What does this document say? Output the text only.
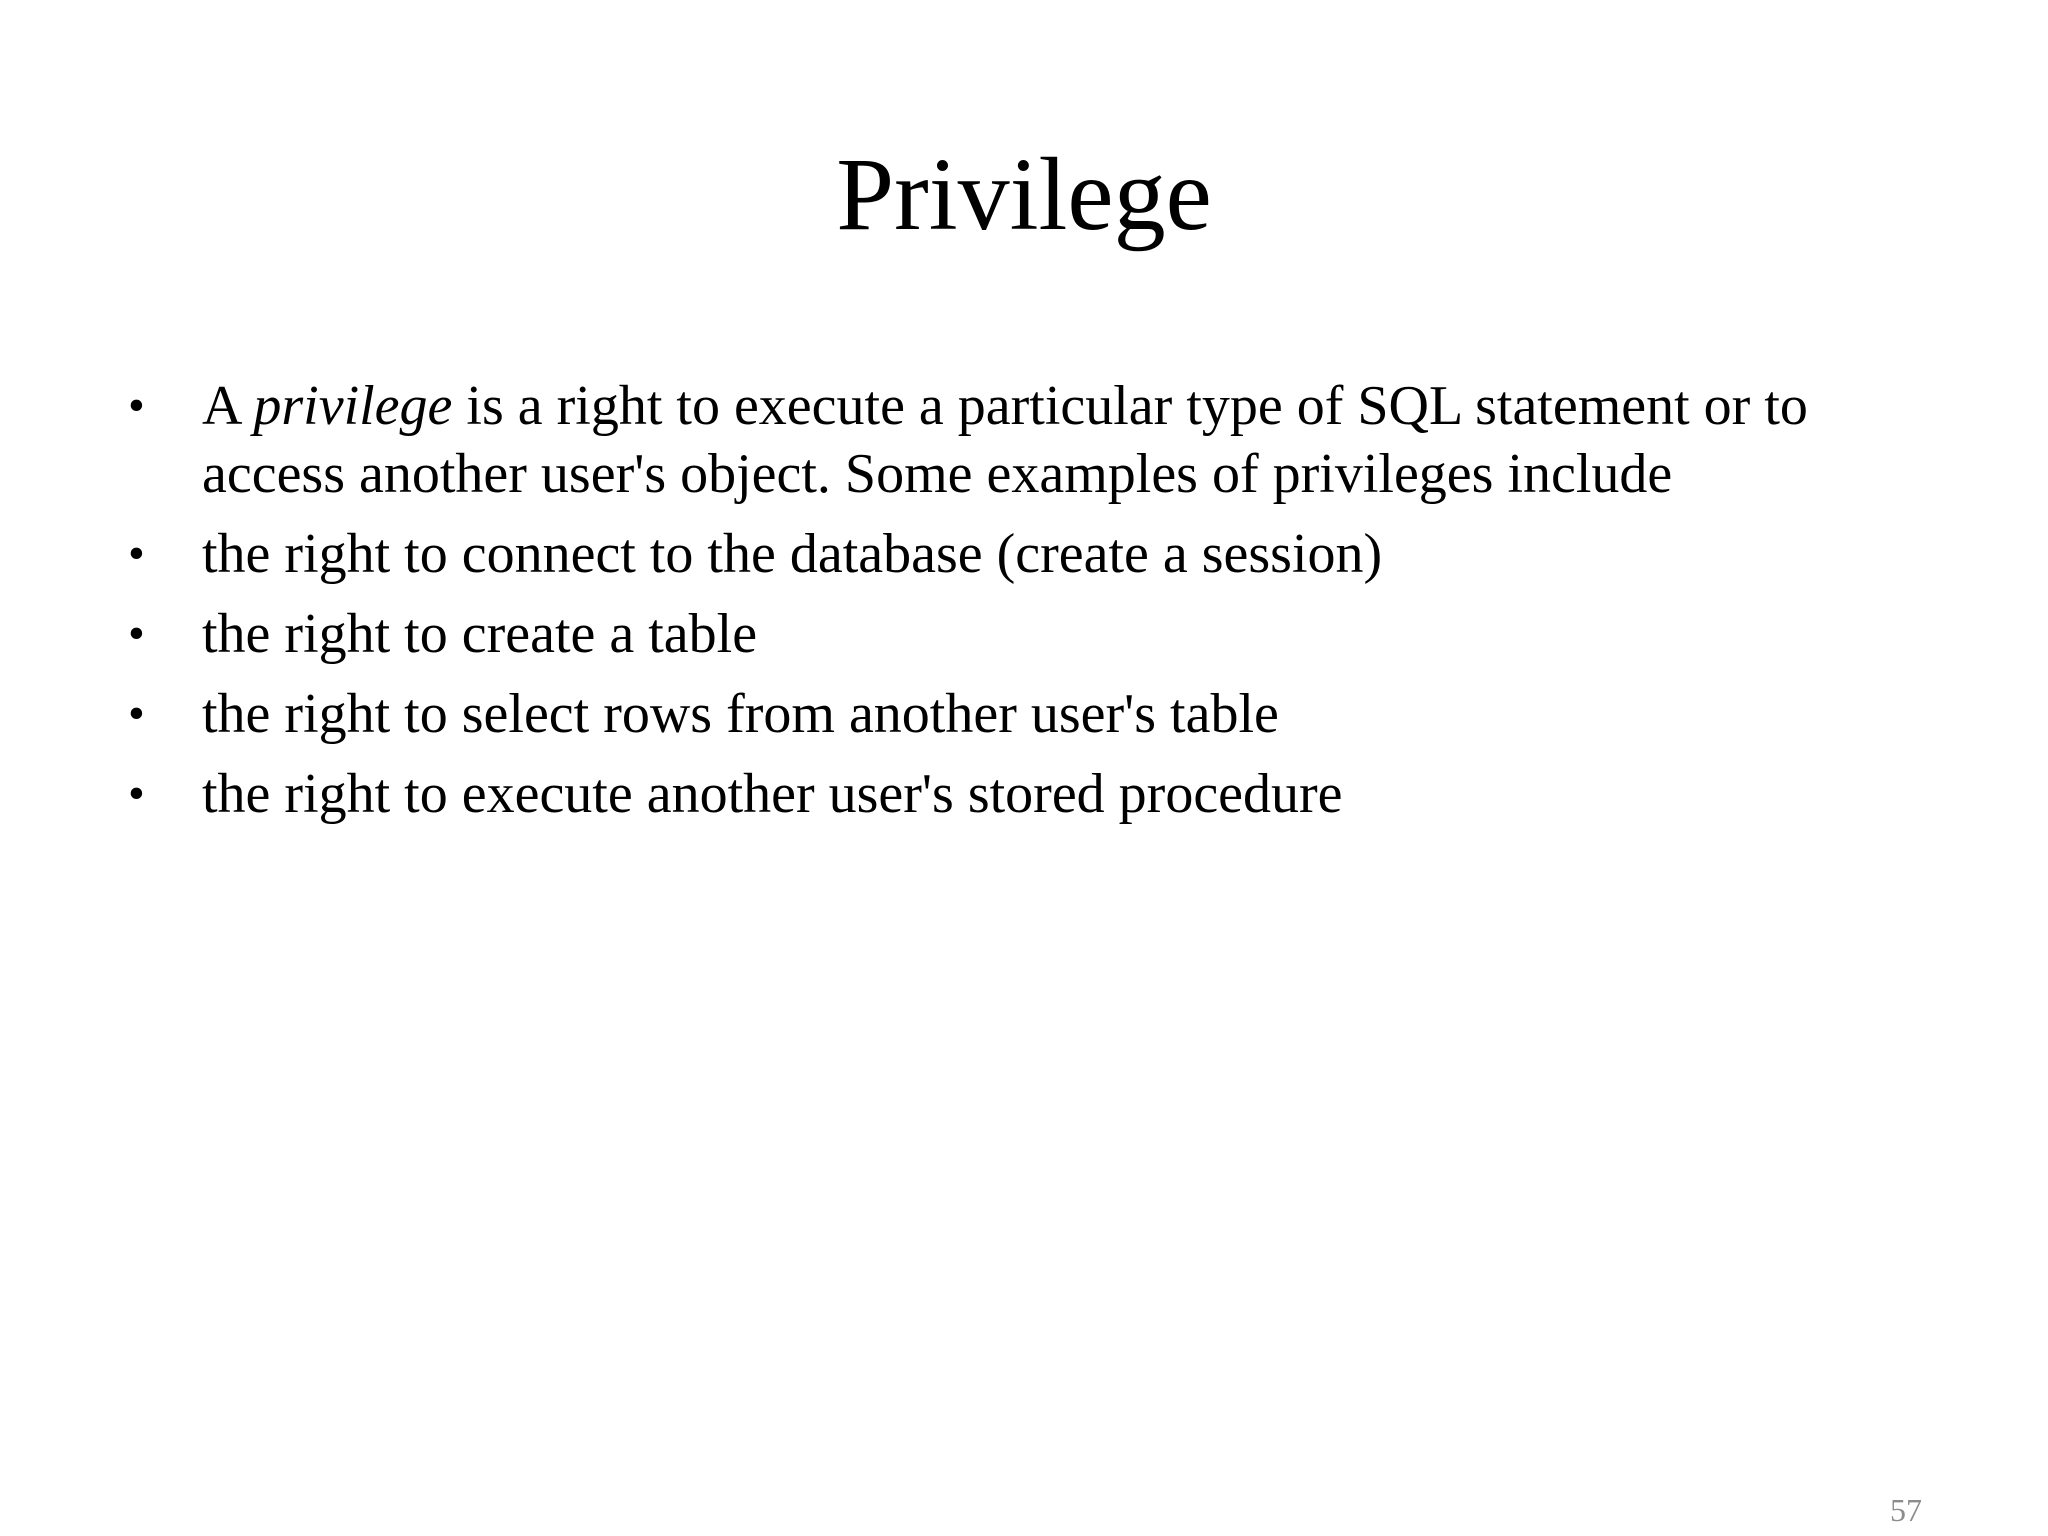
Privilege
• A privilege is a right to execute a particular type of SQL statement or to access another user's object. Some examples of privileges include
• the right to connect to the database (create a session)
• the right to create a table
• the right to select rows from another user's table
• the right to execute another user's stored procedure
57
